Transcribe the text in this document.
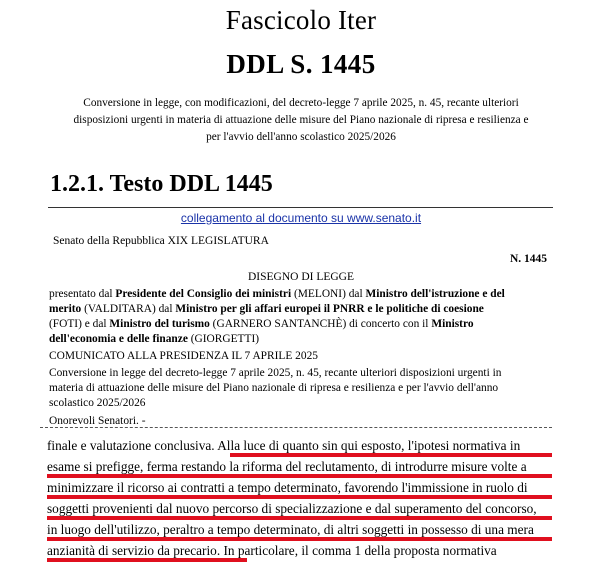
Fascicolo Iter
DDL S. 1445
Conversione in legge, con modificazioni, del decreto-legge 7 aprile 2025, n. 45, recante ulteriori
disposizioni urgenti in materia di attuazione delle misure del Piano nazionale di ripresa e resilienza e
per l'avvio dell'anno scolastico 2025/2026
1.2.1. Testo DDL 1445
collegamento al documento su www.senato.it
Senato della Repubblica XIX LEGISLATURA
N. 1445
DISEGNO DI LEGGE
presentato dal Presidente del Consiglio dei ministri (MELONI) dal Ministro dell'istruzione e del
merito (VALDITARA) dal Ministro per gli affari europei il PNRR e le politiche di coesione
(FOTI) e dal Ministro del turismo (GARNERO SANTANCHÈ) di concerto con il Ministro
dell'economia e delle finanze (GIORGETTI)
COMUNICATO ALLA PRESIDENZA IL 7 APRILE 2025
Conversione in legge del decreto-legge 7 aprile 2025, n. 45, recante ulteriori disposizioni urgenti in
materia di attuazione delle misure del Piano nazionale di ripresa e resilienza e per l'avvio dell'anno
scolastico 2025/2026
Onorevoli Senatori. -
finale e valutazione conclusiva. Alla luce di quanto sin qui esposto, l'ipotesi normativa in
esame si prefigge, ferma restando la riforma del reclutamento, di introdurre misure volte a
minimizzare il ricorso ai contratti a tempo determinato, favorendo l'immissione in ruolo di
soggetti provenienti dal nuovo percorso di specializzazione e dal superamento del concorso,
in luogo dell'utilizzo, peraltro a tempo determinato, di altri soggetti in possesso di una mera
anzianità di servizio da precario. In particolare, il comma 1 della proposta normativa
